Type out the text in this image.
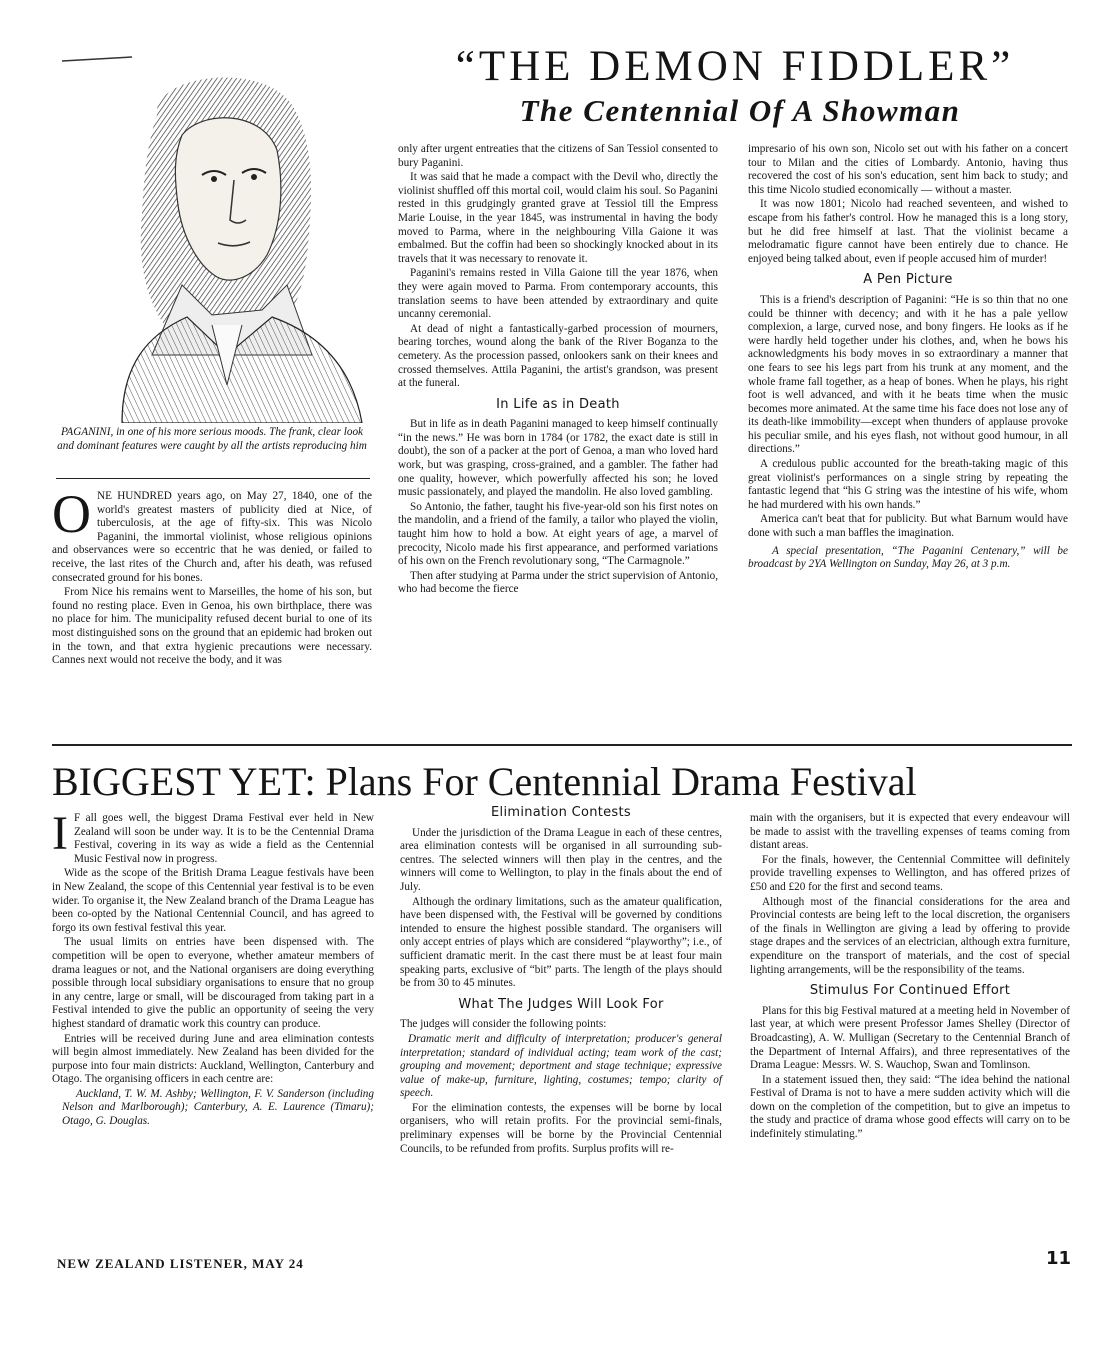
“THE DEMON FIDDLER”
The Centennial Of A Showman
PAGANINI, in one of his more serious moods. The frank, clear look and dominant features were caught by all the artists reproducing him

ONE HUNDRED years ago, on May 27, 1840, one of the world's greatest masters of publicity died at Nice, of tuberculosis, at the age of fifty-six. This was Nicolo Paganini, the immortal violinist, whose religious opinions and observances were so eccentric that he was denied, or failed to receive, the last rites of the Church and, after his death, was refused consecrated ground for his bones.

From Nice his remains went to Marseilles, the home of his son, but found no resting place. Even in Genoa, his own birthplace, there was no place for him. The municipality refused decent burial to one of its most distinguished sons on the ground that an epidemic had broken out in the town, and that extra hygienic precautions were necessary. Cannes next would not receive the body, and it was

only after urgent entreaties that the citizens of San Tessiol consented to bury Paganini.

It was said that he made a compact with the Devil who, directly the violinist shuffled off this mortal coil, would claim his soul. So Paganini rested in this grudgingly granted grave at Tessiol till the Empress Marie Louise, in the year 1845, was instrumental in having the body moved to Parma, where in the neighbouring Villa Gaione it was embalmed. But the coffin had been so shockingly knocked about in its travels that it was necessary to renovate it.

Paganini's remains rested in Villa Gaione till the year 1876, when they were again moved to Parma. From contemporary accounts, this translation seems to have been attended by extraordinary and quite uncanny ceremonial.

At dead of night a fantastically-garbed procession of mourners, bearing torches, wound along the bank of the River Boganza to the cemetery. As the procession passed, onlookers sank on their knees and crossed themselves. Attila Paganini, the artist's grandson, was present at the funeral.

In Life as in Death

But in life as in death Paganini managed to keep himself continually “in the news.” He was born in 1784 (or 1782, the exact date is still in doubt), the son of a packer at the port of Genoa, a man who loved hard work, but was grasping, cross-grained, and a gambler. The father had one quality, however, which powerfully affected his son; he loved music passionately, and played the mandolin. He also loved gambling.

So Antonio, the father, taught his five-year-old son his first notes on the mandolin, and a friend of the family, a tailor who played the violin, taught him how to hold a bow. At eight years of age, a marvel of precocity, Nicolo made his first appearance, and performed variations of his own on the French revolutionary song, “The Carmagnole.”

Then after studying at Parma under the strict supervision of Antonio, who had become the fierce

impresario of his own son, Nicolo set out with his father on a concert tour to Milan and the cities of Lombardy. Antonio, having thus recovered the cost of his son's education, sent him back to study; and this time Nicolo studied economically — without a master.

It was now 1801; Nicolo had reached seventeen, and wished to escape from his father's control. How he managed this is a long story, but he did free himself at last. That the violinist became a melodramatic figure cannot have been entirely due to chance. He enjoyed being talked about, even if people accused him of murder!

A Pen Picture

This is a friend's description of Paganini: “He is so thin that no one could be thinner with decency; and with it he has a pale yellow complexion, a large, curved nose, and bony fingers. He looks as if he were hardly held together under his clothes, and, when he bows his acknowledgments his body moves in so extraordinary a manner that one fears to see his legs part from his trunk at any moment, and the whole frame fall together, as a heap of bones. When he plays, his right foot is well advanced, and with it he beats time when the music becomes more animated. At the same time his face does not lose any of its death-like immobility—except when thunders of applause provoke his peculiar smile, and his eyes flash, not without good humour, in all directions.”

A credulous public accounted for the breath-taking magic of this great violinist's performances on a single string by repeating the fantastic legend that “his G string was the intestine of his wife, whom he had murdered with his own hands.”

America can't beat that for publicity. But what Barnum would have done with such a man baffles the imagination.

A special presentation, “The Paganini Centenary,” will be broadcast by 2YA Wellington on Sunday, May 26, at 3 p.m.

BIGGEST YET: Plans For Centennial Drama Festival

I F all goes well, the biggest Drama Festival ever held in New Zealand will soon be under way. It is to be the Centennial Drama Festival, covering in its way as wide a field as the Centennial Music Festival now in progress.

Wide as the scope of the British Drama League festivals have been in New Zealand, the scope of this Centennial year festival is to be even wider. To organise it, the New Zealand branch of the Drama League has been co-opted by the National Centennial Council, and has agreed to forgo its own festival festival this year.

The usual limits on entries have been dispensed with. The competition will be open to everyone, whether amateur members of drama leagues or not, and the National organisers are doing everything possible through local subsidiary organisations to ensure that no group in any centre, large or small, will be discouraged from taking part in a Festival intended to give the public an opportunity of seeing the very highest standard of dramatic work this country can produce.

Entries will be received during June and area elimination contests will begin almost immediately. New Zealand has been divided for the purpose into four main districts: Auckland, Wellington, Canterbury and Otago. The organising officers in each centre are:

Auckland, T. W. M. Ashby; Wellington, F. V. Sanderson (including Nelson and Marlborough); Canterbury, A. E. Laurence (Timaru); Otago, G. Douglas.

Elimination Contests

Under the jurisdiction of the Drama League in each of these centres, area elimination contests will be organised in all surrounding sub-centres. The selected winners will then play in the centres, and the winners will come to Wellington, to play in the finals about the end of July.

Although the ordinary limitations, such as the amateur qualification, have been dispensed with, the Festival will be governed by conditions intended to ensure the highest possible standard. The organisers will only accept entries of plays which are considered “playworthy”; i.e., of sufficient dramatic merit. In the cast there must be at least four main speaking parts, exclusive of “bit” parts. The length of the plays should be from 30 to 45 minutes.

What The Judges Will Look For

The judges will consider the following points:

Dramatic merit and difficulty of interpretation; producer's general interpretation; standard of individual acting; team work of the cast; grouping and movement; deportment and stage technique; expressive value of make-up, furniture, lighting, costumes; tempo; clarity of speech.

For the elimination contests, the expenses will be borne by local organisers, who will retain profits. For the provincial semi-finals, preliminary expenses will be borne by the Provincial Centennial Councils, to be refunded from profits. Surplus profits will re-

main with the organisers, but it is expected that every endeavour will be made to assist with the travelling expenses of teams coming from distant areas.

For the finals, however, the Centennial Committee will definitely provide travelling expenses to Wellington, and has offered prizes of £50 and £20 for the first and second teams.

Although most of the financial considerations for the area and Provincial contests are being left to the local discretion, the organisers of the finals in Wellington are giving a lead by offering to provide stage drapes and the services of an electrician, although extra furniture, expenditure on the transport of materials, and the cost of special lighting arrangements, will be the responsibility of the teams.

Stimulus For Continued Effort

Plans for this big Festival matured at a meeting held in November of last year, at which were present Professor James Shelley (Director of Broadcasting), A. W. Mulligan (Secretary to the Centennial Branch of the Department of Internal Affairs), and three representatives of the Drama League: Messrs. W. S. Wauchop, Swan and Tomlinson.

In a statement issued then, they said: “The idea behind the national Festival of Drama is not to have a mere sudden activity which will die down on the completion of the competition, but to give an impetus to the study and practice of drama whose good effects will carry on to be indefinitely stimulating.”

NEW ZEALAND LISTENER, MAY 24	11
